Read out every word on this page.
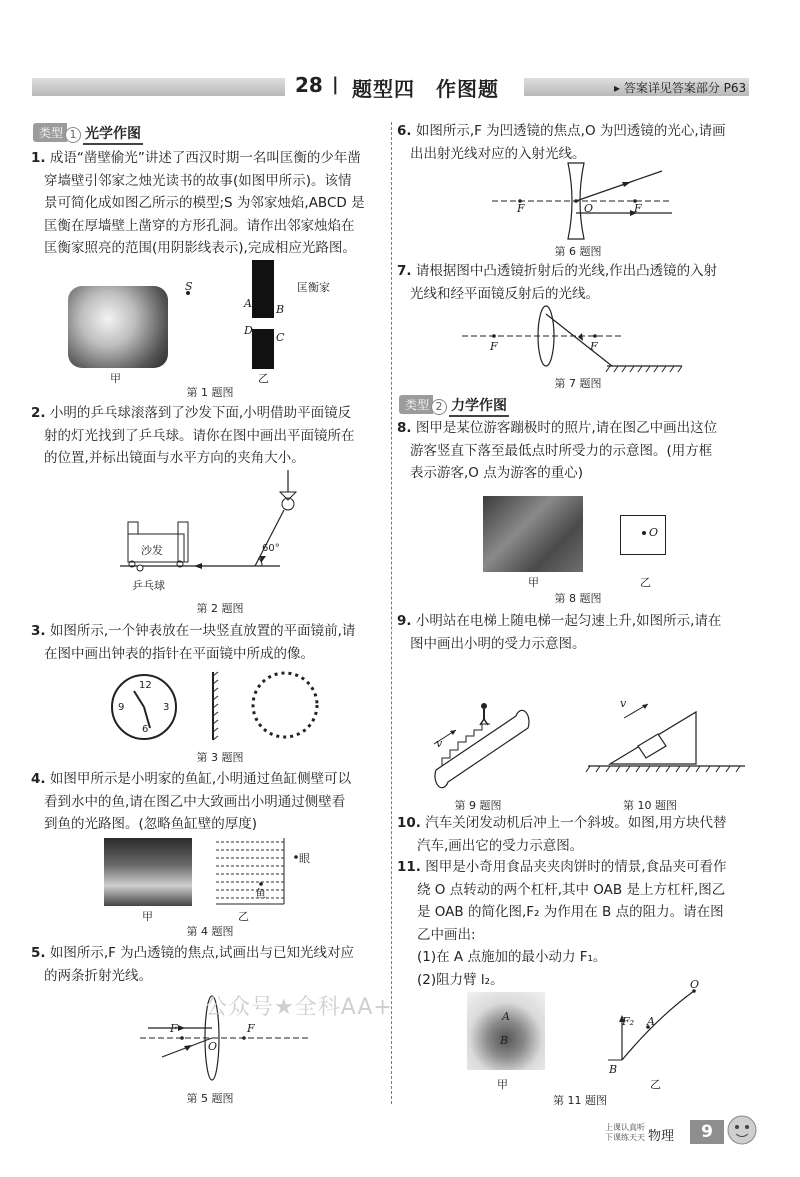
28 | 题型四　作图题	▸ 答案详见答案部分 P63
类型 1 光学作图
1. 成语“凿壁偷光”讲述了西汉时期一名叫匡衡的少年凿
穿墙壁引邻家之烛光读书的故事(如图甲所示)。该情
景可简化成如图乙所示的模型;S 为邻家烛焰,ABCD 是
匡衡在厚墙壁上凿穿的方形孔洞。请作出邻家烛焰在
匡衡家照亮的范围(用阴影线表示),完成相应光路图。
甲
S
A B
D
C
匡衡家
乙
第 1 题图
2. 小明的乒乓球滚落到了沙发下面,小明借助平面镜反
射的灯光找到了乒乓球。请你在图中画出平面镜所在
的位置,并标出镜面与水平方向的夹角大小。
沙发
乒乓球
60°
第 2 题图
3. 如图所示,一个钟表放在一块竖直放置的平面镜前,请
在图中画出钟表的指针在平面镜中所成的像。
12
3
6
9
第 3 题图
4. 如图甲所示是小明家的鱼缸,小明通过鱼缸侧壁可以
看到水中的鱼,请在图乙中大致画出小明通过侧壁看
到鱼的光路图。(忽略鱼缸壁的厚度)
甲
眼
鱼
乙
第 4 题图
5. 如图所示,F 为凸透镜的焦点,试画出与已知光线对应
的两条折射光线。
F	F
O
第 5 题图
公众号★全科AA+
6. 如图所示,F 为凹透镜的焦点,O 为凹透镜的光心,请画
出出射光线对应的入射光线。
F	O	F
第 6 题图
7. 请根据图中凸透镜折射后的光线,作出凸透镜的入射
光线和经平面镜反射后的光线。
F	F
第 7 题图
类型 2 力学作图
8. 图甲是某位游客蹦极时的照片,请在图乙中画出这位
游客竖直下落至最低点时所受力的示意图。(用方框
表示游客,O 点为游客的重心)
甲
O
乙
第 8 题图
9. 小明站在电梯上随电梯一起匀速上升,如图所示,请在
图中画出小明的受力示意图。
v
第 9 题图
v
第 10 题图
10. 汽车关闭发动机后冲上一个斜坡。如图,用方块代替
汽车,画出它的受力示意图。
11. 图甲是小奇用食品夹夹肉饼时的情景,食品夹可看作
绕 O 点转动的两个杠杆,其中 OAB 是上方杠杆,图乙
是 OAB 的简化图,F₂ 为作用在 B 点的阻力。请在图
乙中画出:
(1)在 A 点施加的最小动力 F₁。
(2)阻力臂 l₂。
A
B
甲
O
A
B
F₂
乙
第 11 题图
上课认真听
下课练天天 物理	9
